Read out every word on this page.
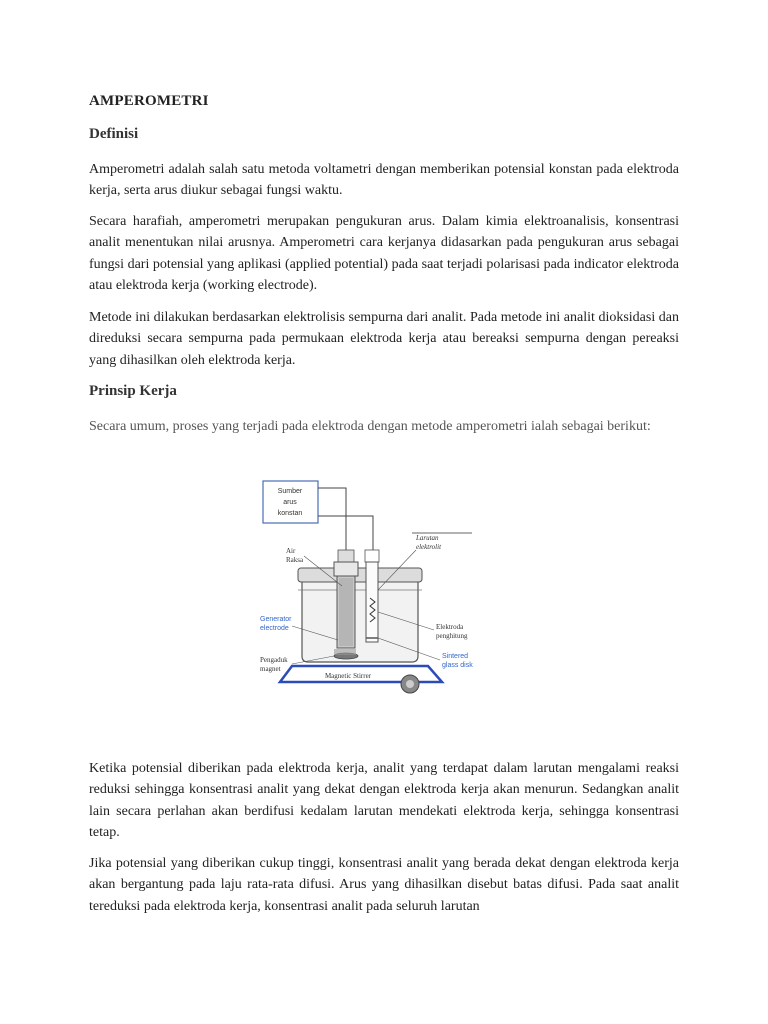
AMPEROMETRI
Definisi

Amperometri adalah salah satu metoda voltametri dengan memberikan potensial konstan pada elektroda kerja, serta arus diukur sebagai fungsi waktu.

Secara harafiah, amperometri merupakan pengukuran arus. Dalam kimia elektroanalisis, konsentrasi analit menentukan nilai arusnya. Amperometri cara kerjanya didasarkan pada pengukuran arus sebagai fungsi dari potensial yang aplikasi (applied potential) pada saat terjadi polarisasi pada indicator elektroda atau elektroda kerja (working electrode).

Metode ini dilakukan berdasarkan elektrolisis sempurna dari analit. Pada metode ini analit dioksidasi dan direduksi secara sempurna pada permukaan elektroda kerja atau bereaksi sempurna dengan pereaksi yang dihasilkan oleh elektroda kerja.

Prinsip Kerja

Secara umum, proses yang terjadi pada elektroda dengan metode amperometri ialah sebagai berikut:

Ketika potensial diberikan pada elektroda kerja, analit yang terdapat dalam larutan mengalami reaksi reduksi sehingga konsentrasi analit yang dekat dengan elektroda kerja akan menurun. Sedangkan analit lain secara perlahan akan berdifusi kedalam larutan mendekati elektroda kerja, sehingga konsentrasi tetap.

Jika potensial yang diberikan cukup tinggi, konsentrasi analit yang berada dekat dengan elektroda kerja akan bergantung pada laju rata-rata difusi. Arus yang dihasilkan disebut batas difusi. Pada saat analit tereduksi pada elektroda kerja, konsentrasi analit pada seluruh larutan

Sumber
arus
konstan
Magnetic Stirrer
Air
Raksa
Larutan
elektrolit
Generator
electrode	Elektroda
penghitung
Pengaduk
magnet
Sintered
glass disk
